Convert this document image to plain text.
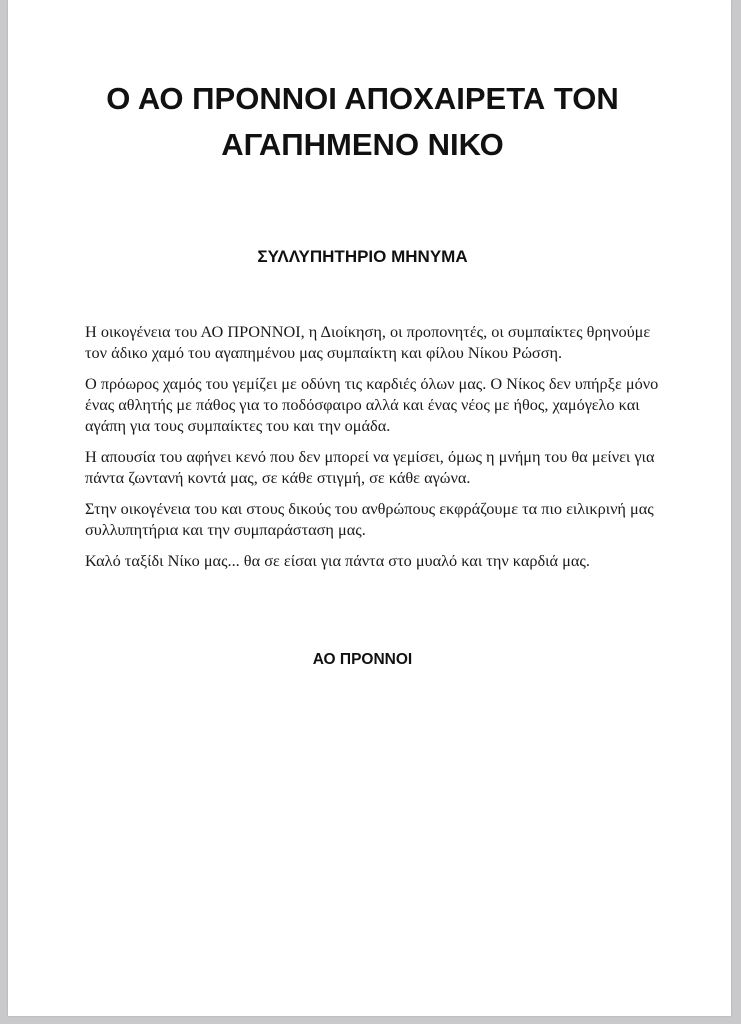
Ο ΑΟ ΠΡΟΝΝΟΙ ΑΠΟΧΑΙΡΕΤΑ ΤΟΝ
ΑΓΑΠΗΜΕΝΟ ΝΙΚΟ
ΣΥΛΛΥΠΗΤΗΡΙΟ ΜΗΝΥΜΑ

Η οικογένεια του ΑΟ ΠΡΟΝΝΟΙ, η Διοίκηση, οι προπονητές, οι συμπαίκτες θρηνούμε τον άδικο χαμό του αγαπημένου μας συμπαίκτη και φίλου Νίκου Ρώσση.

Ο πρόωρος χαμός του γεμίζει με οδύνη τις καρδιές όλων μας. Ο Νίκος δεν υπήρξε μόνο ένας αθλητής με πάθος για το ποδόσφαιρο αλλά και ένας νέος με ήθος, χαμόγελο και αγάπη για τους συμπαίκτες του και την ομάδα.

Η απουσία του αφήνει κενό που δεν μπορεί να γεμίσει, όμως η μνήμη του θα μείνει για πάντα ζωντανή κοντά μας, σε κάθε στιγμή, σε κάθε αγώνα.

Στην οικογένεια του και στους δικούς του ανθρώπους εκφράζουμε τα πιο ειλικρινή μας συλλυπητήρια και την συμπαράσταση μας.

Καλό ταξίδι Νίκο μας... θα σε είσαι για πάντα στο μυαλό και την καρδιά μας.

ΑΟ ΠΡΟΝΝΟΙ
